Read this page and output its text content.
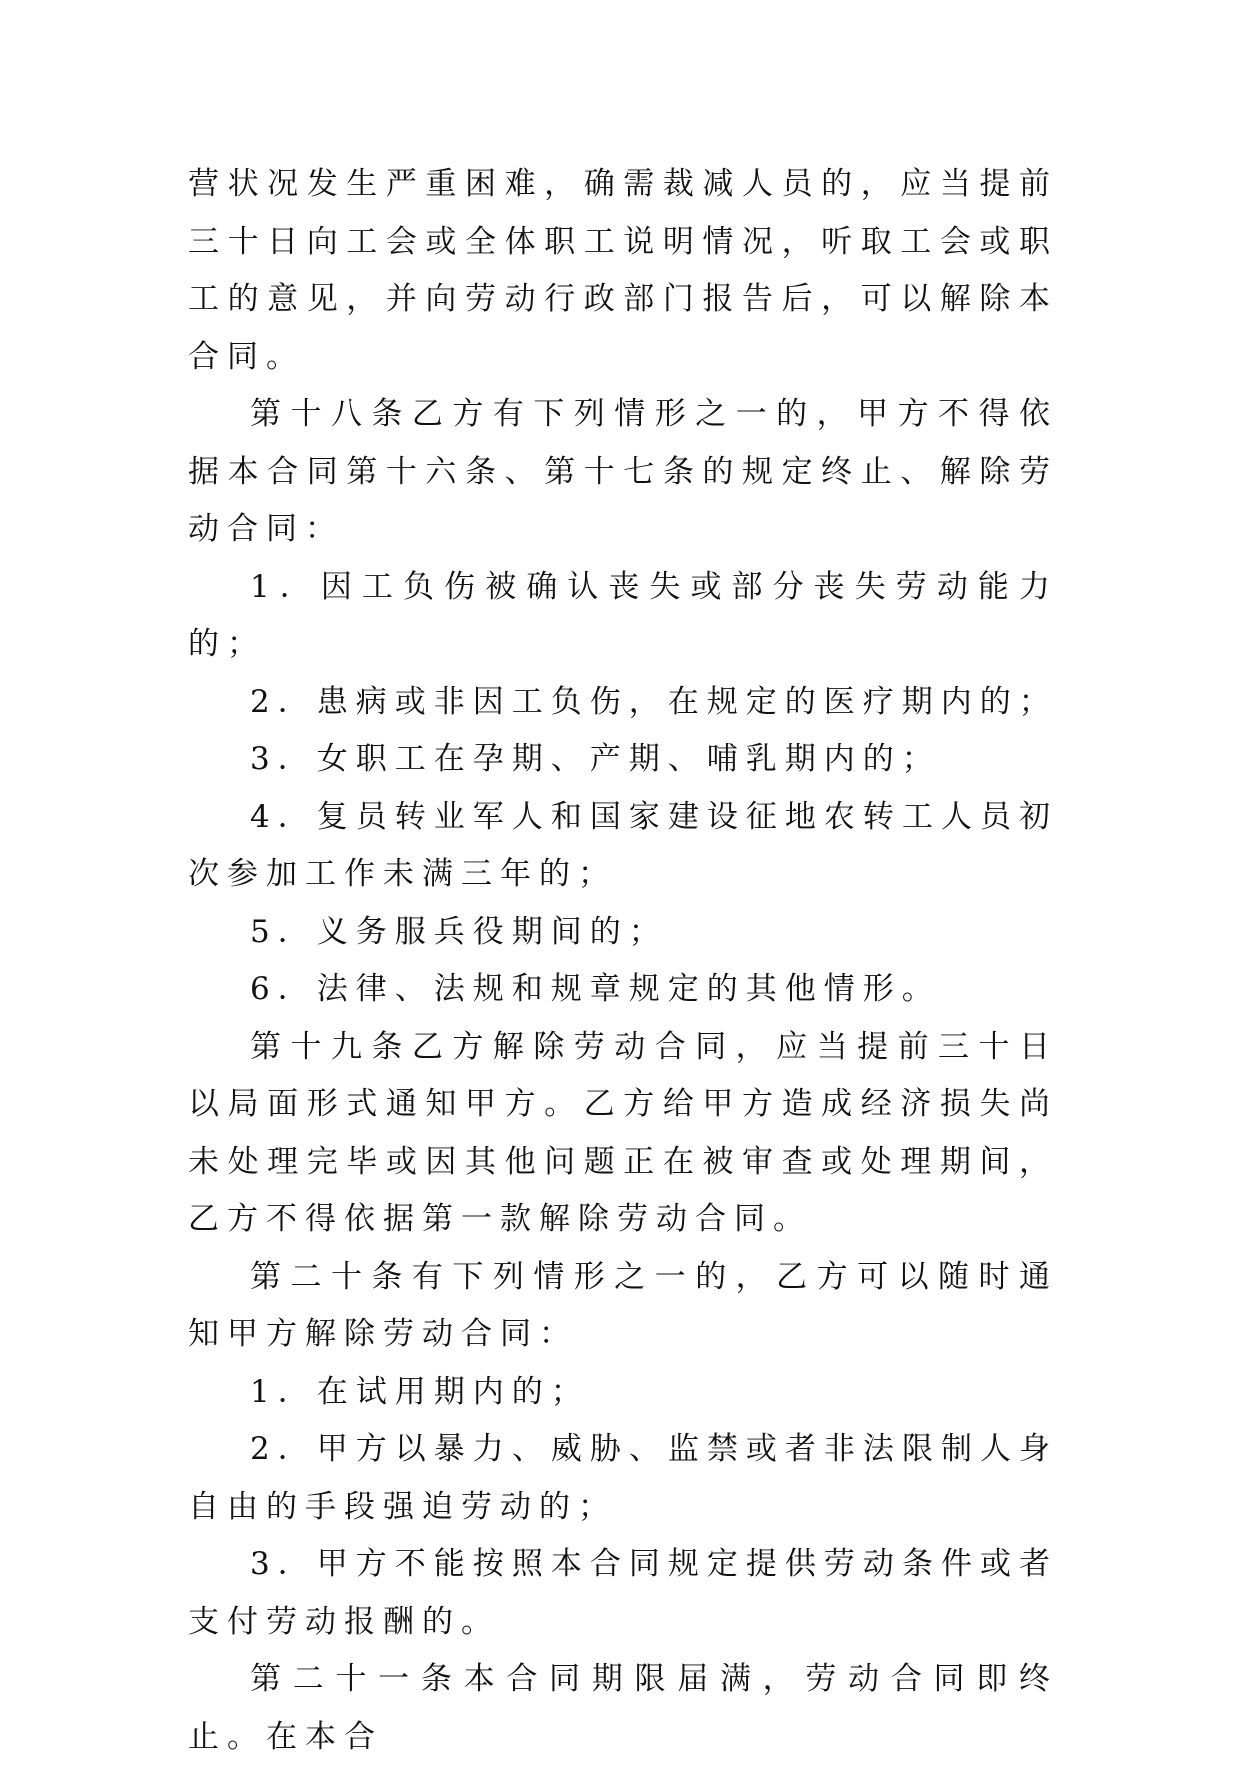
营状况发生严重困难，确需裁减人员的，应当提前三十日向工会或全体职工说明情况，听取工会或职工的意见，并向劳动行政部门报告后，可以解除本合同。

第十八条乙方有下列情形之一的，甲方不得依据本合同第十六条、第十七条的规定终止、解除劳动合同：

1．因工负伤被确认丧失或部分丧失劳动能力的；

2．患病或非因工负伤，在规定的医疗期内的；

3．女职工在孕期、产期、哺乳期内的；

4．复员转业军人和国家建设征地农转工人员初次参加工作未满三年的；

5．义务服兵役期间的；

6．法律、法规和规章规定的其他情形。

第十九条乙方解除劳动合同，应当提前三十日以局面形式通知甲方。乙方给甲方造成经济损失尚未处理完毕或因其他问题正在被审查或处理期间，乙方不得依据第一款解除劳动合同。

第二十条有下列情形之一的，乙方可以随时通知甲方解除劳动合同：

1．在试用期内的；

2．甲方以暴力、威胁、监禁或者非法限制人身自由的手段强迫劳动的；

3．甲方不能按照本合同规定提供劳动条件或者支付劳动报酬的。

第二十一条本合同期限届满，劳动合同即终止。在本合
